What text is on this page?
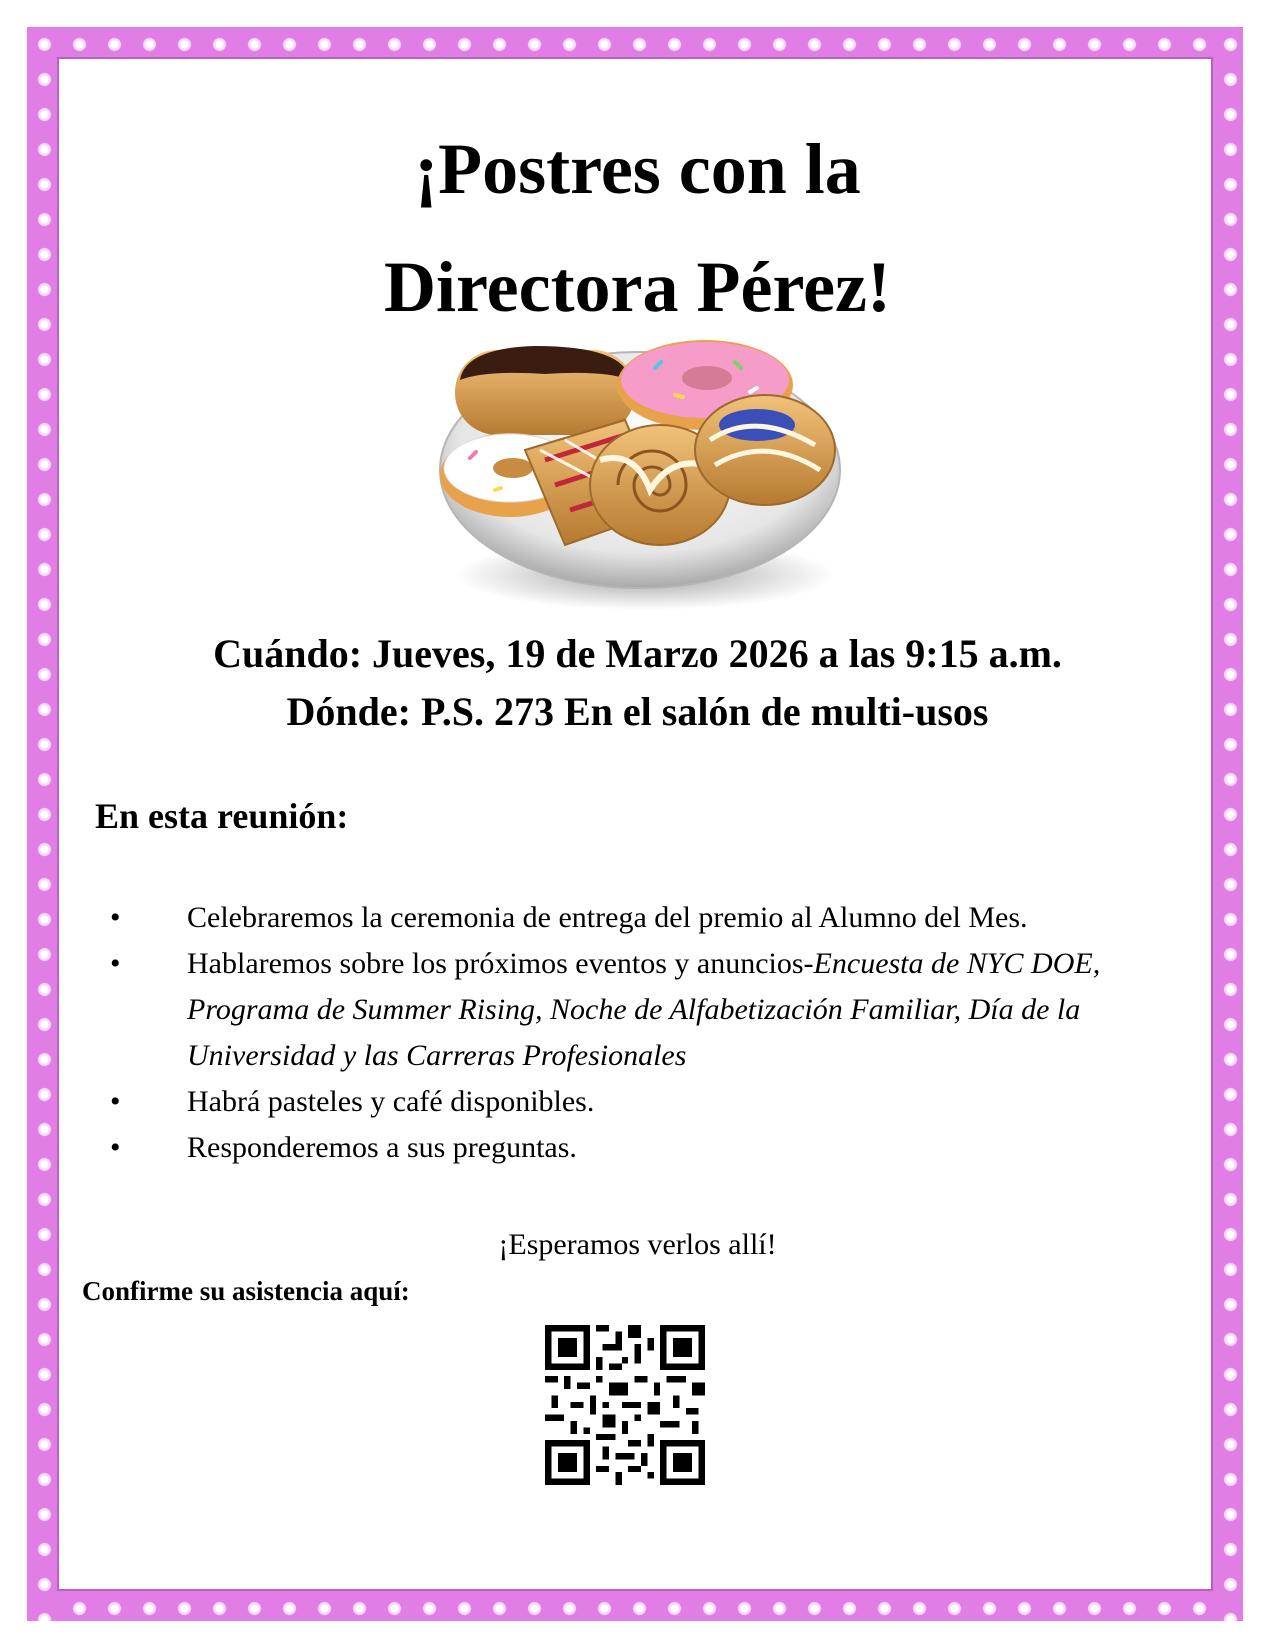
¡Postres con la
Directora Pérez!
Cuándo: Jueves, 19 de Marzo 2026 a las 9:15 a.m.
Dónde: P.S. 273 En el salón de multi-usos
En esta reunión:
• Celebraremos la ceremonia de entrega del premio al Alumno del Mes.
• Hablaremos sobre los próximos eventos y anuncios-Encuesta de NYC DOE, Programa de Summer Rising, Noche de Alfabetización Familiar, Día de la Universidad y las Carreras Profesionales
• Habrá pasteles y café disponibles.
• Responderemos a sus preguntas.
¡Esperamos verlos allí!
Confirme su asistencia aquí:
